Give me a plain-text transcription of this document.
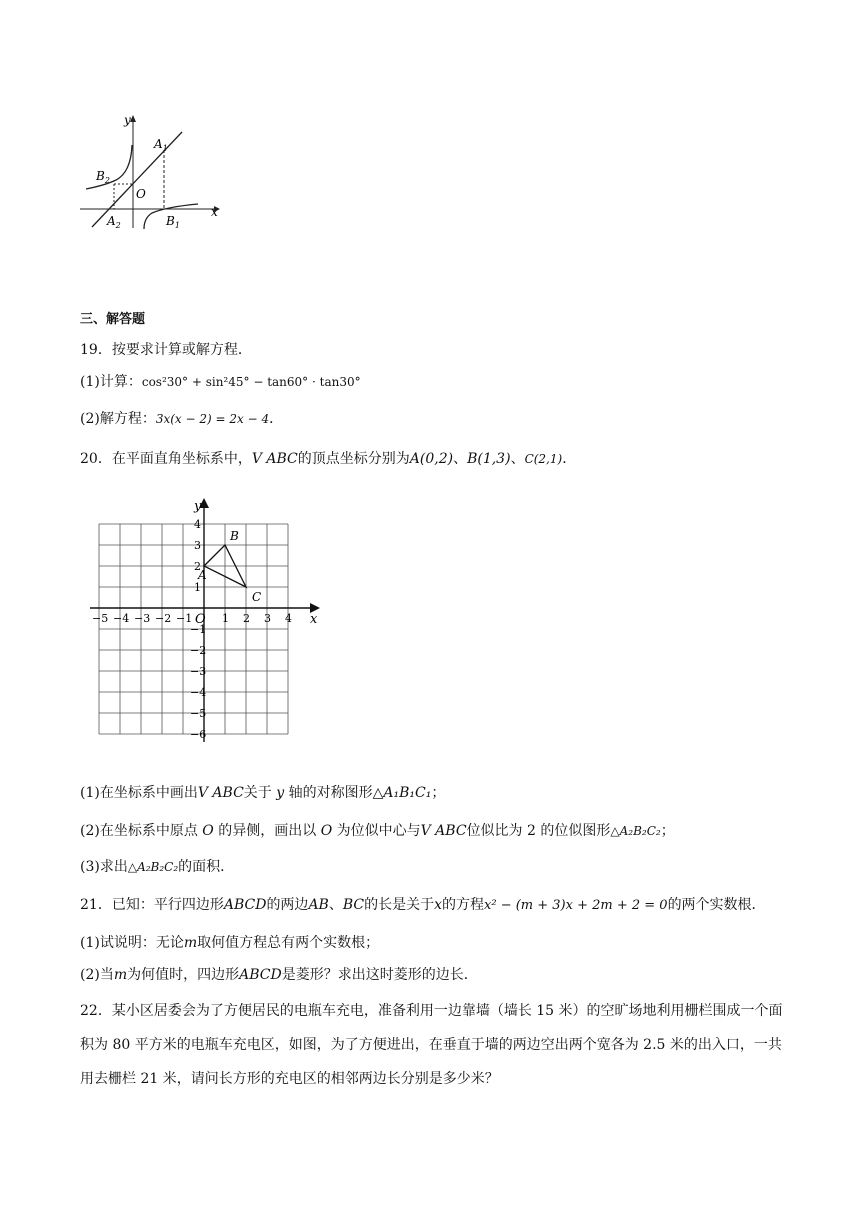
y
x
O
$A_1$
$B_2$
$A_2$	$B_1$
三、解答题
19．按要求计算或解方程．
(1)计算：cos²30° + sin²45° − tan60° · tan30°
(2)解方程：3x(x − 2) = 2x − 4．
20．在平面直角坐标系中，V ABC的顶点坐标分别为A(0,2)、B(1,3)、C(2,1)．
−5 −4 −3 −2 −1	1 2 3 4
4
3
2
1
−1
−2
−3
−4
−5
−6
O	x
y
A
B
C
(1)在坐标系中画出V ABC关于 y 轴的对称图形△A₁B₁C₁；
(2)在坐标系中原点 O 的异侧，画出以 O 为位似中心与V ABC位似比为 2 的位似图形△A₂B₂C₂；
(3)求出△A₂B₂C₂的面积．
21．已知：平行四边形ABCD的两边AB、BC的长是关于x的方程x² − (m + 3)x + 2m + 2 = 0的两个实数根．
(1)试说明：无论m取何值方程总有两个实数根；
(2)当m为何值时，四边形ABCD是菱形？求出这时菱形的边长．
22．某小区居委会为了方便居民的电瓶车充电，准备利用一边靠墙（墙长 15 米）的空旷场地利用栅栏围成一个面积为 80 平方米的电瓶车充电区，如图，为了方便进出，在垂直于墙的两边空出两个宽各为 2.5 米的出入口，一共用去栅栏 21 米，请问长方形的充电区的相邻两边长分别是多少米？
